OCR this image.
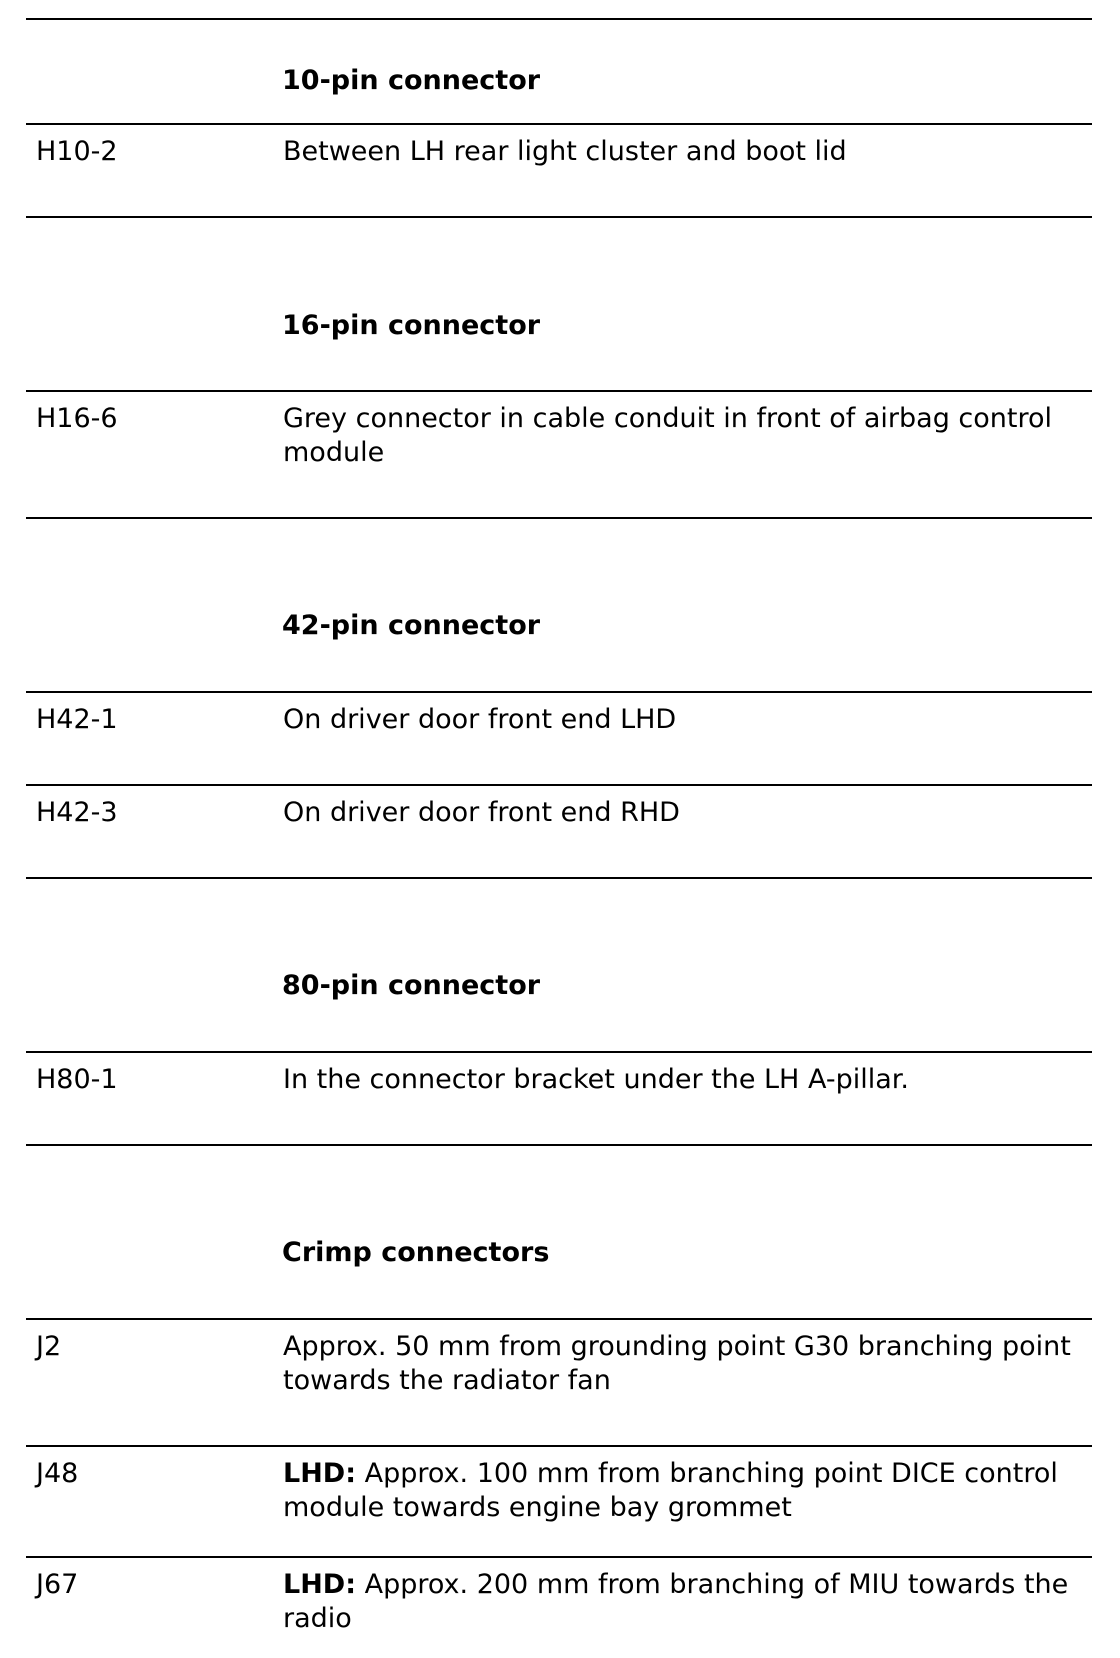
10-pin connector
H10-2	Between LH rear light cluster and boot lid
16-pin connector
H16-6	Grey connector in cable conduit in front of airbag control module
42-pin connector
H42-1	On driver door front end LHD
H42-3	On driver door front end RHD
80-pin connector
H80-1	In the connector bracket under the LH A-pillar.
Crimp connectors
J2	Approx. 50 mm from grounding point G30 branching point towards the radiator fan
J48	LHD: Approx. 100 mm from branching point DICE control module towards engine bay grommet
J67	LHD: Approx. 200 mm from branching of MIU towards the radio
